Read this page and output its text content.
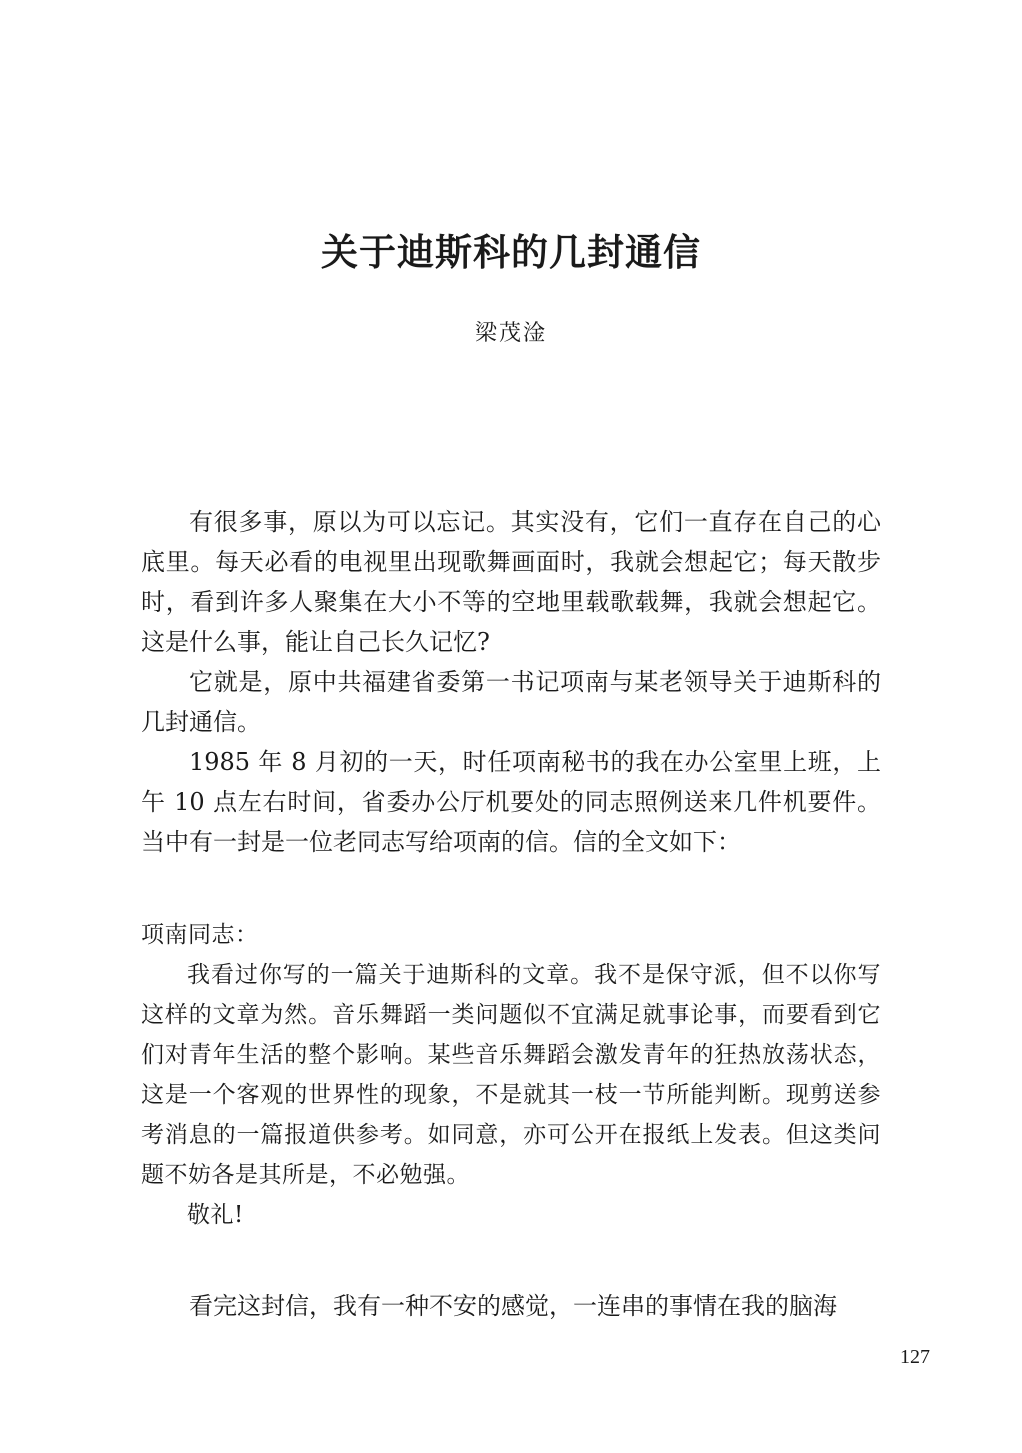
关于迪斯科的几封通信
梁茂淦

有很多事，原以为可以忘记。其实没有，它们一直存在自己的心底里。每天必看的电视里出现歌舞画面时，我就会想起它；每天散步时，看到许多人聚集在大小不等的空地里载歌载舞，我就会想起它。这是什么事，能让自己长久记忆?

它就是，原中共福建省委第一书记项南与某老领导关于迪斯科的几封通信。

1985 年 8 月初的一天，时任项南秘书的我在办公室里上班，上午 10 点左右时间，省委办公厅机要处的同志照例送来几件机要件。当中有一封是一位老同志写给项南的信。信的全文如下：

项南同志：

我看过你写的一篇关于迪斯科的文章。我不是保守派，但不以你写这样的文章为然。音乐舞蹈一类问题似不宜满足就事论事，而要看到它们对青年生活的整个影响。某些音乐舞蹈会激发青年的狂热放荡状态，这是一个客观的世界性的现象，不是就其一枝一节所能判断。现剪送参考消息的一篇报道供参考。如同意，亦可公开在报纸上发表。但这类问题不妨各是其所是，不必勉强。

敬礼!

看完这封信，我有一种不安的感觉，一连串的事情在我的脑海

127
